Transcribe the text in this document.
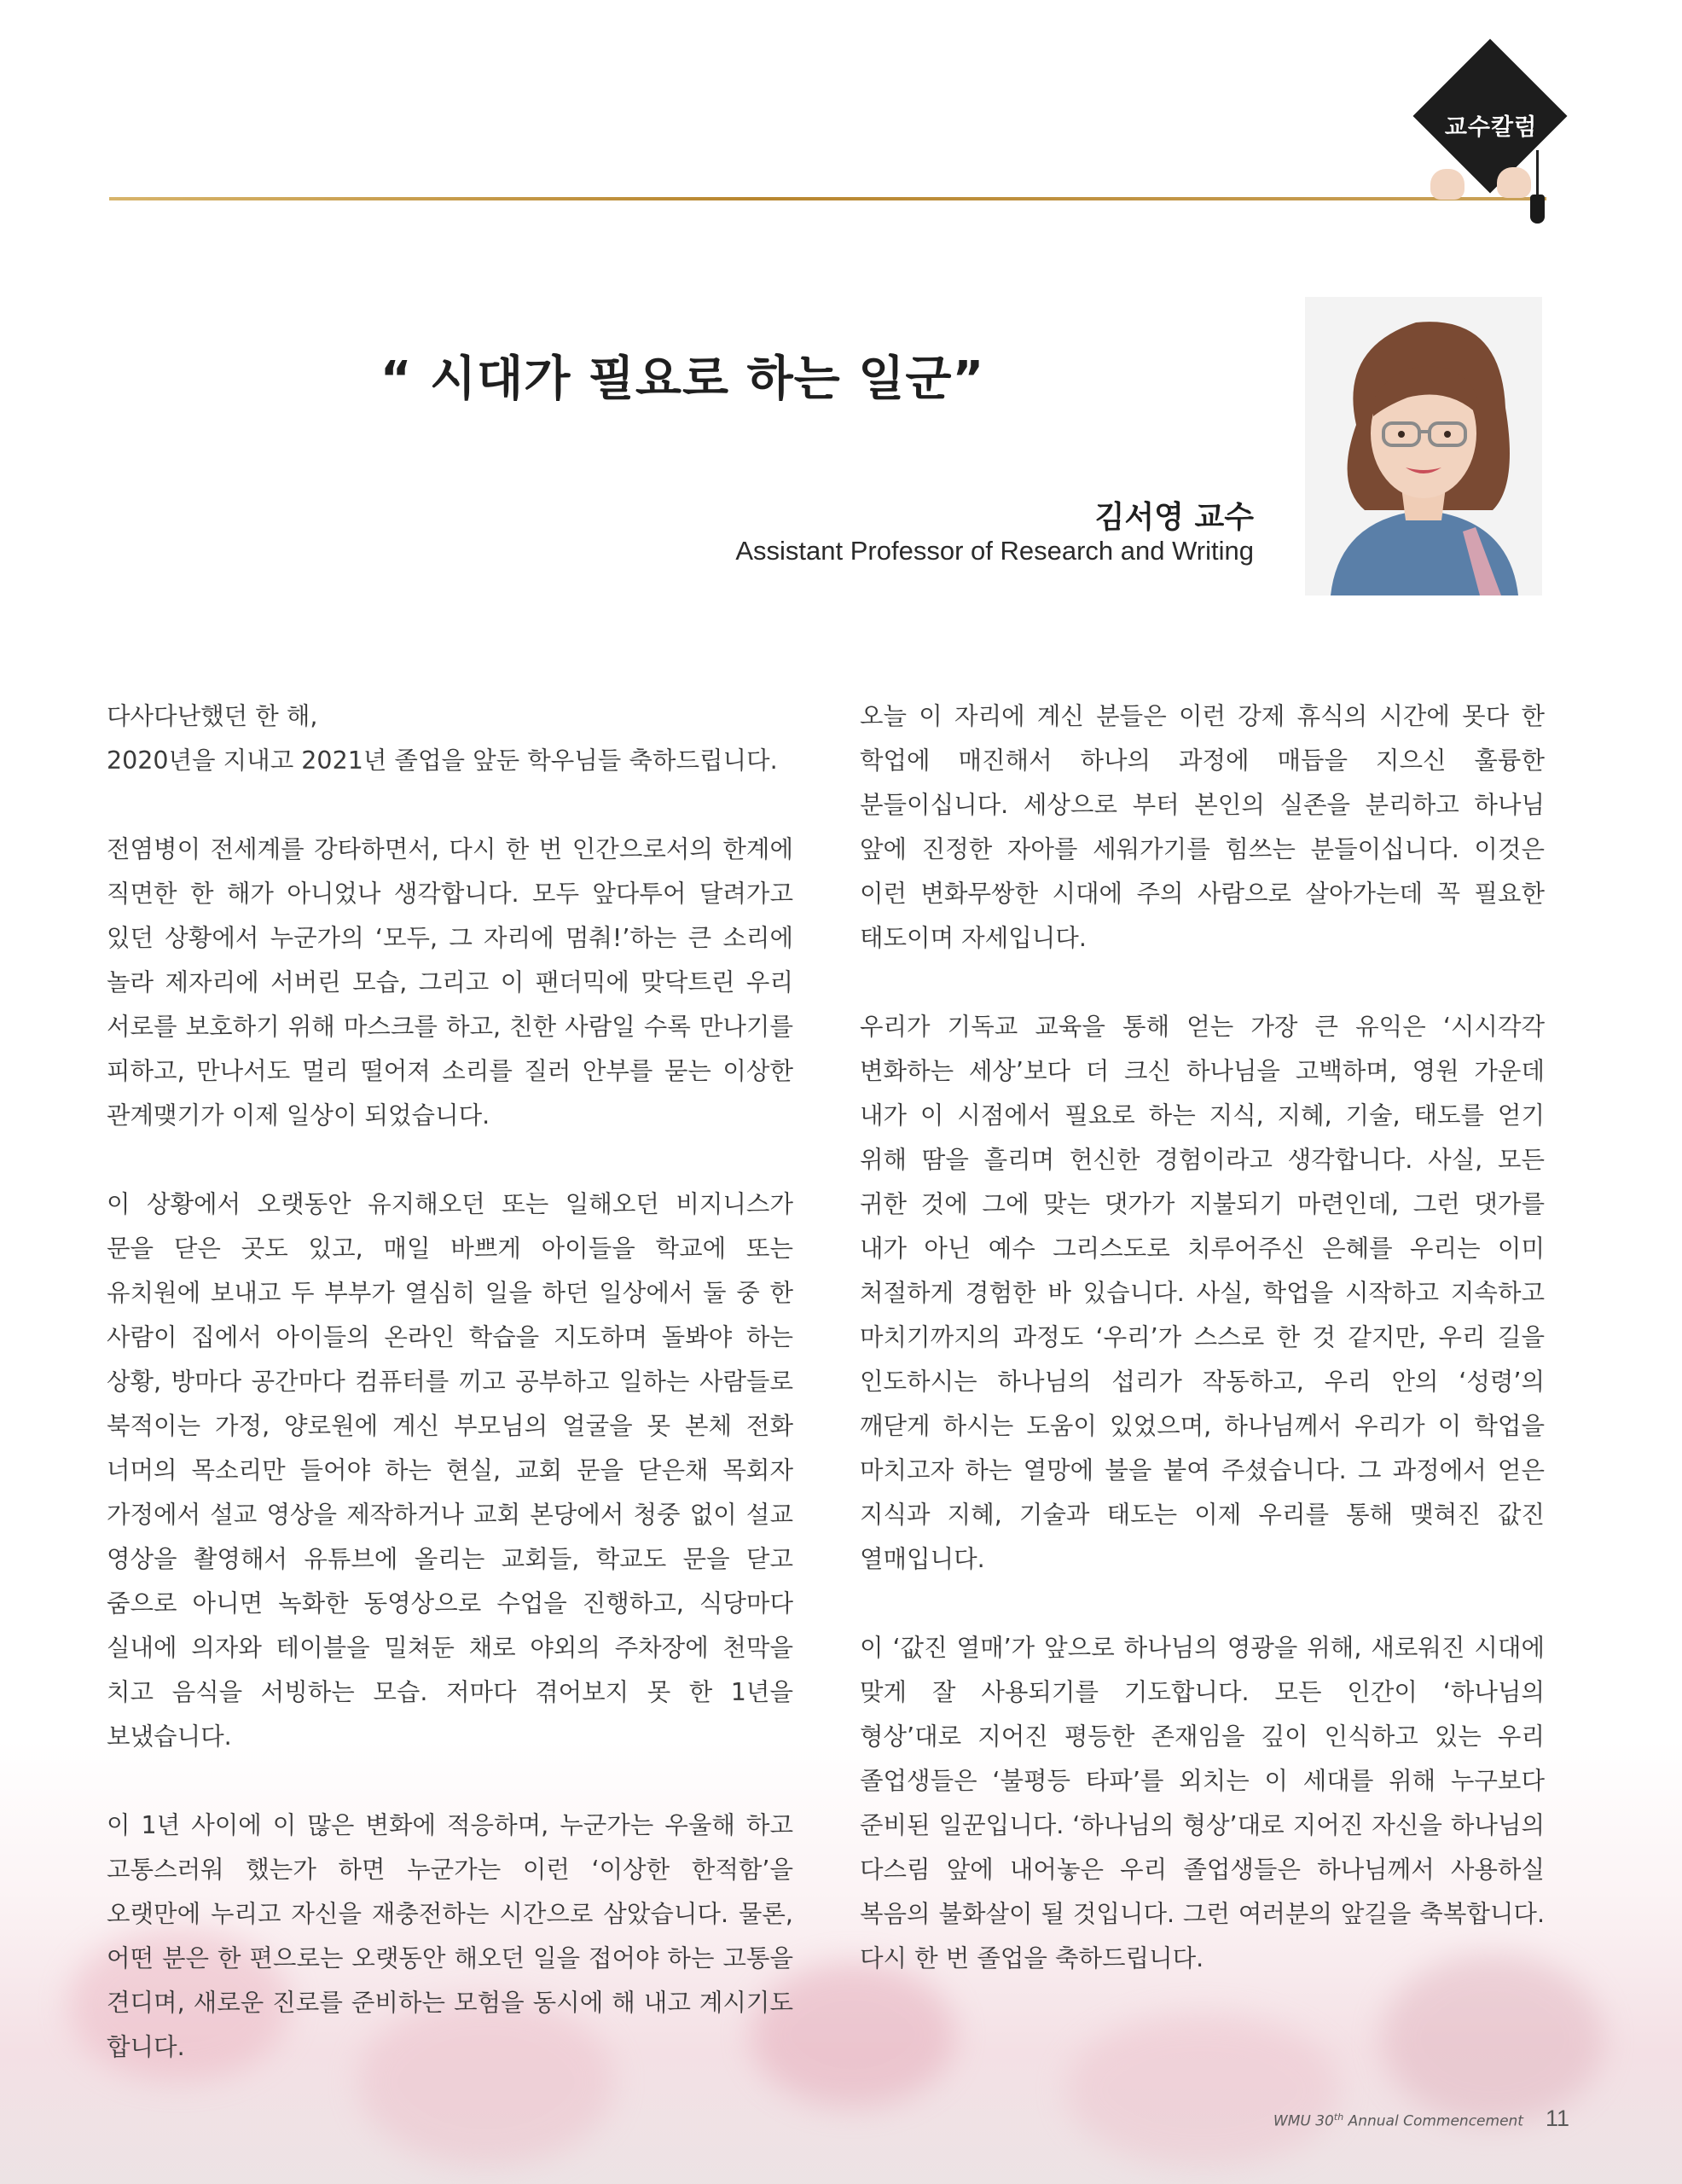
교수칼럼
“ 시대가 필요로 하는 일군”
김서영 교수
Assistant Professor of Research and Writing

다사다난했던 한 해,
2020년을 지내고 2021년 졸업을 앞둔 학우님들 축하드립니다.

전염병이 전세계를 강타하면서, 다시 한 번 인간으로서의 한계에 직면한 한 해가 아니었나 생각합니다. 모두 앞다투어 달려가고 있던 상황에서 누군가의 ‘모두, 그 자리에 멈춰!’하는 큰 소리에 놀라 제자리에 서버린 모습, 그리고 이 팬더믹에 맞닥트린 우리 서로를 보호하기 위해 마스크를 하고, 친한 사람일 수록 만나기를 피하고, 만나서도 멀리 떨어져 소리를 질러 안부를 묻는 이상한 관계맺기가 이제 일상이 되었습니다.

이 상황에서 오랫동안 유지해오던 또는 일해오던 비지니스가 문을 닫은 곳도 있고, 매일 바쁘게 아이들을 학교에 또는 유치원에 보내고 두 부부가 열심히 일을 하던 일상에서 둘 중 한 사람이 집에서 아이들의 온라인 학습을 지도하며 돌봐야 하는 상황, 방마다 공간마다 컴퓨터를 끼고 공부하고 일하는 사람들로 북적이는 가정, 양로원에 계신 부모님의 얼굴을 못 본체 전화 너머의 목소리만 들어야 하는 현실, 교회 문을 닫은채 목회자 가정에서 설교 영상을 제작하거나 교회 본당에서 청중 없이 설교 영상을 촬영해서 유튜브에 올리는 교회들, 학교도 문을 닫고 줌으로 아니면 녹화한 동영상으로 수업을 진행하고, 식당마다 실내에 의자와 테이블을 밀쳐둔 채로 야외의 주차장에 천막을 치고 음식을 서빙하는 모습. 저마다 겪어보지 못 한 1년을 보냈습니다.

이 1년 사이에 이 많은 변화에 적응하며, 누군가는 우울해 하고 고통스러워 했는가 하면 누군가는 이런 ‘이상한 한적함’을 오랫만에 누리고 자신을 재충전하는 시간으로 삼았습니다. 물론, 어떤 분은 한 편으로는 오랫동안 해오던 일을 접어야 하는 고통을 견디며, 새로운 진로를 준비하는 모험을 동시에 해 내고 계시기도 합니다.

오늘 이 자리에 계신 분들은 이런 강제 휴식의 시간에 못다 한 학업에 매진해서 하나의 과정에 매듭을 지으신 훌륭한 분들이십니다. 세상으로 부터 본인의 실존을 분리하고 하나님 앞에 진정한 자아를 세워가기를 힘쓰는 분들이십니다. 이것은 이런 변화무쌍한 시대에 주의 사람으로 살아가는데 꼭 필요한 태도이며 자세입니다.

우리가 기독교 교육을 통해 얻는 가장 큰 유익은 ‘시시각각 변화하는 세상’보다 더 크신 하나님을 고백하며, 영원 가운데 내가 이 시점에서 필요로 하는 지식, 지혜, 기술, 태도를 얻기 위해 땀을 흘리며 헌신한 경험이라고 생각합니다. 사실, 모든 귀한 것에 그에 맞는 댓가가 지불되기 마련인데, 그런 댓가를 내가 아닌 예수 그리스도로 치루어주신 은혜를 우리는 이미 처절하게 경험한 바 있습니다. 사실, 학업을 시작하고 지속하고 마치기까지의 과정도 ‘우리’가 스스로 한 것 같지만, 우리 길을 인도하시는 하나님의 섭리가 작동하고, 우리 안의 ‘성령’의 깨닫게 하시는 도움이 있었으며, 하나님께서 우리가 이 학업을 마치고자 하는 열망에 불을 붙여 주셨습니다. 그 과정에서 얻은 지식과 지혜, 기술과 태도는 이제 우리를 통해 맺혀진 값진 열매입니다.

이 ‘값진 열매’가 앞으로 하나님의 영광을 위해, 새로워진 시대에 맞게 잘 사용되기를 기도합니다. 모든 인간이 ‘하나님의 형상’대로 지어진 평등한 존재임을 깊이 인식하고 있는 우리 졸업생들은 ‘불평등 타파’를 외치는 이 세대를 위해 누구보다 준비된 일꾼입니다. ‘하나님의 형상’대로 지어진 자신을 하나님의 다스림 앞에 내어놓은 우리 졸업생들은 하나님께서 사용하실 복음의 불화살이 될 것입니다. 그런 여러분의 앞길을 축복합니다. 다시 한 번 졸업을 축하드립니다.

WMU 30th Annual Commencement 11
